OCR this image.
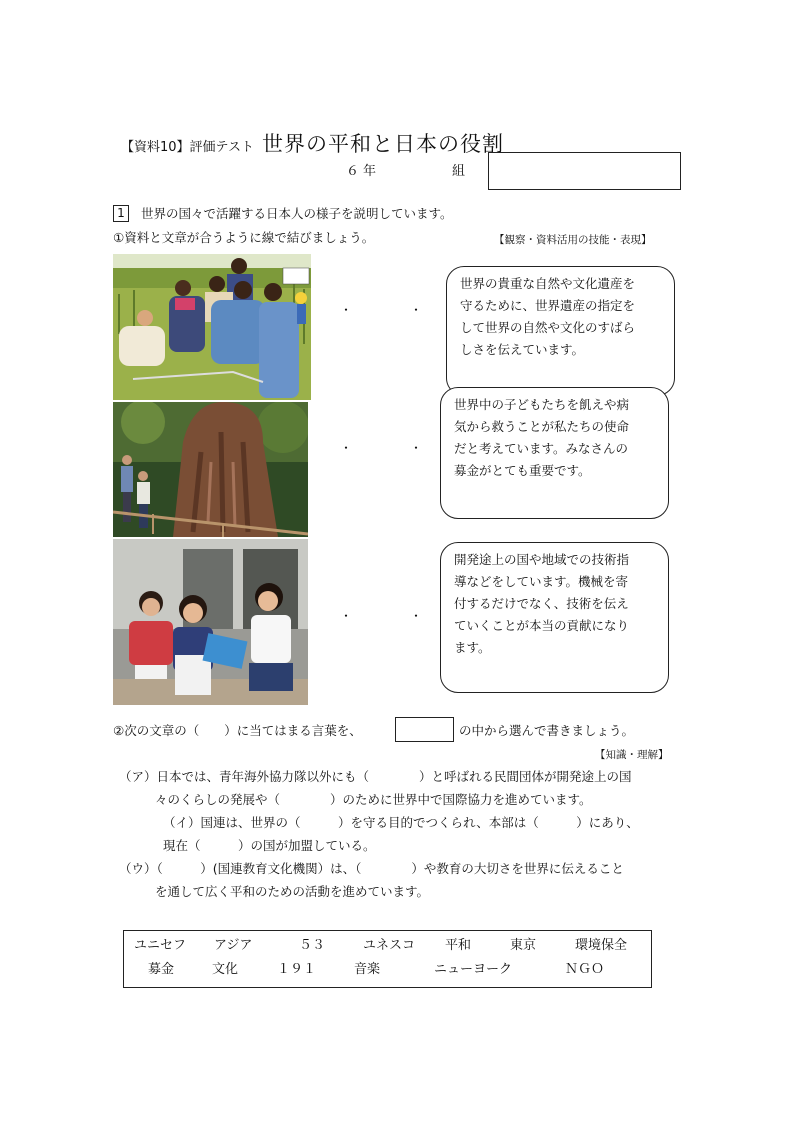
【資料10】評価テスト 世界の平和と日本の役割
６年	組
1	世界の国々で活躍する日本人の様子を説明しています。
①資料と文章が合うように線で結びましょう。	【観察・資料活用の技能・表現】
・	・
・	・
・	・
世界の貴重な自然や文化遺産を
守るために、世界遺産の指定を
して世界の自然や文化のすばら
しさを伝えています。
世界中の子どもたちを飢えや病
気から救うことが私たちの使命
だと考えています。みなさんの
募金がとても重要です。
開発途上の国や地域での技術指
導などをしています。機械を寄
付するだけでなく、技術を伝え
ていくことが本当の貢献になり
ます。
②次の文章の（　　）に当てはまる言葉を、	の中から選んで書きましょう。
【知識・理解】
（ア）日本では、青年海外協力隊以外にも（　　　　）と呼ばれる民間団体が開発途上の国
々のくらしの発展や（　　　　）のために世界中で国際協力を進めています。
（イ）国連は、世界の（　　　）を守る目的でつくられ、本部は（　　　）にあり、
現在（　　　）の国が加盟している。
（ウ）（　　　）(国連教育文化機関）は、（　　　　）や教育の大切さを世界に伝えること
を通して広く平和のための活動を進めています。
ユニセフ アジア	５３	ユネスコ 平和	東京	環境保全
募金	文化	１９１	音楽	ニューヨーク	ＮＧＯ
